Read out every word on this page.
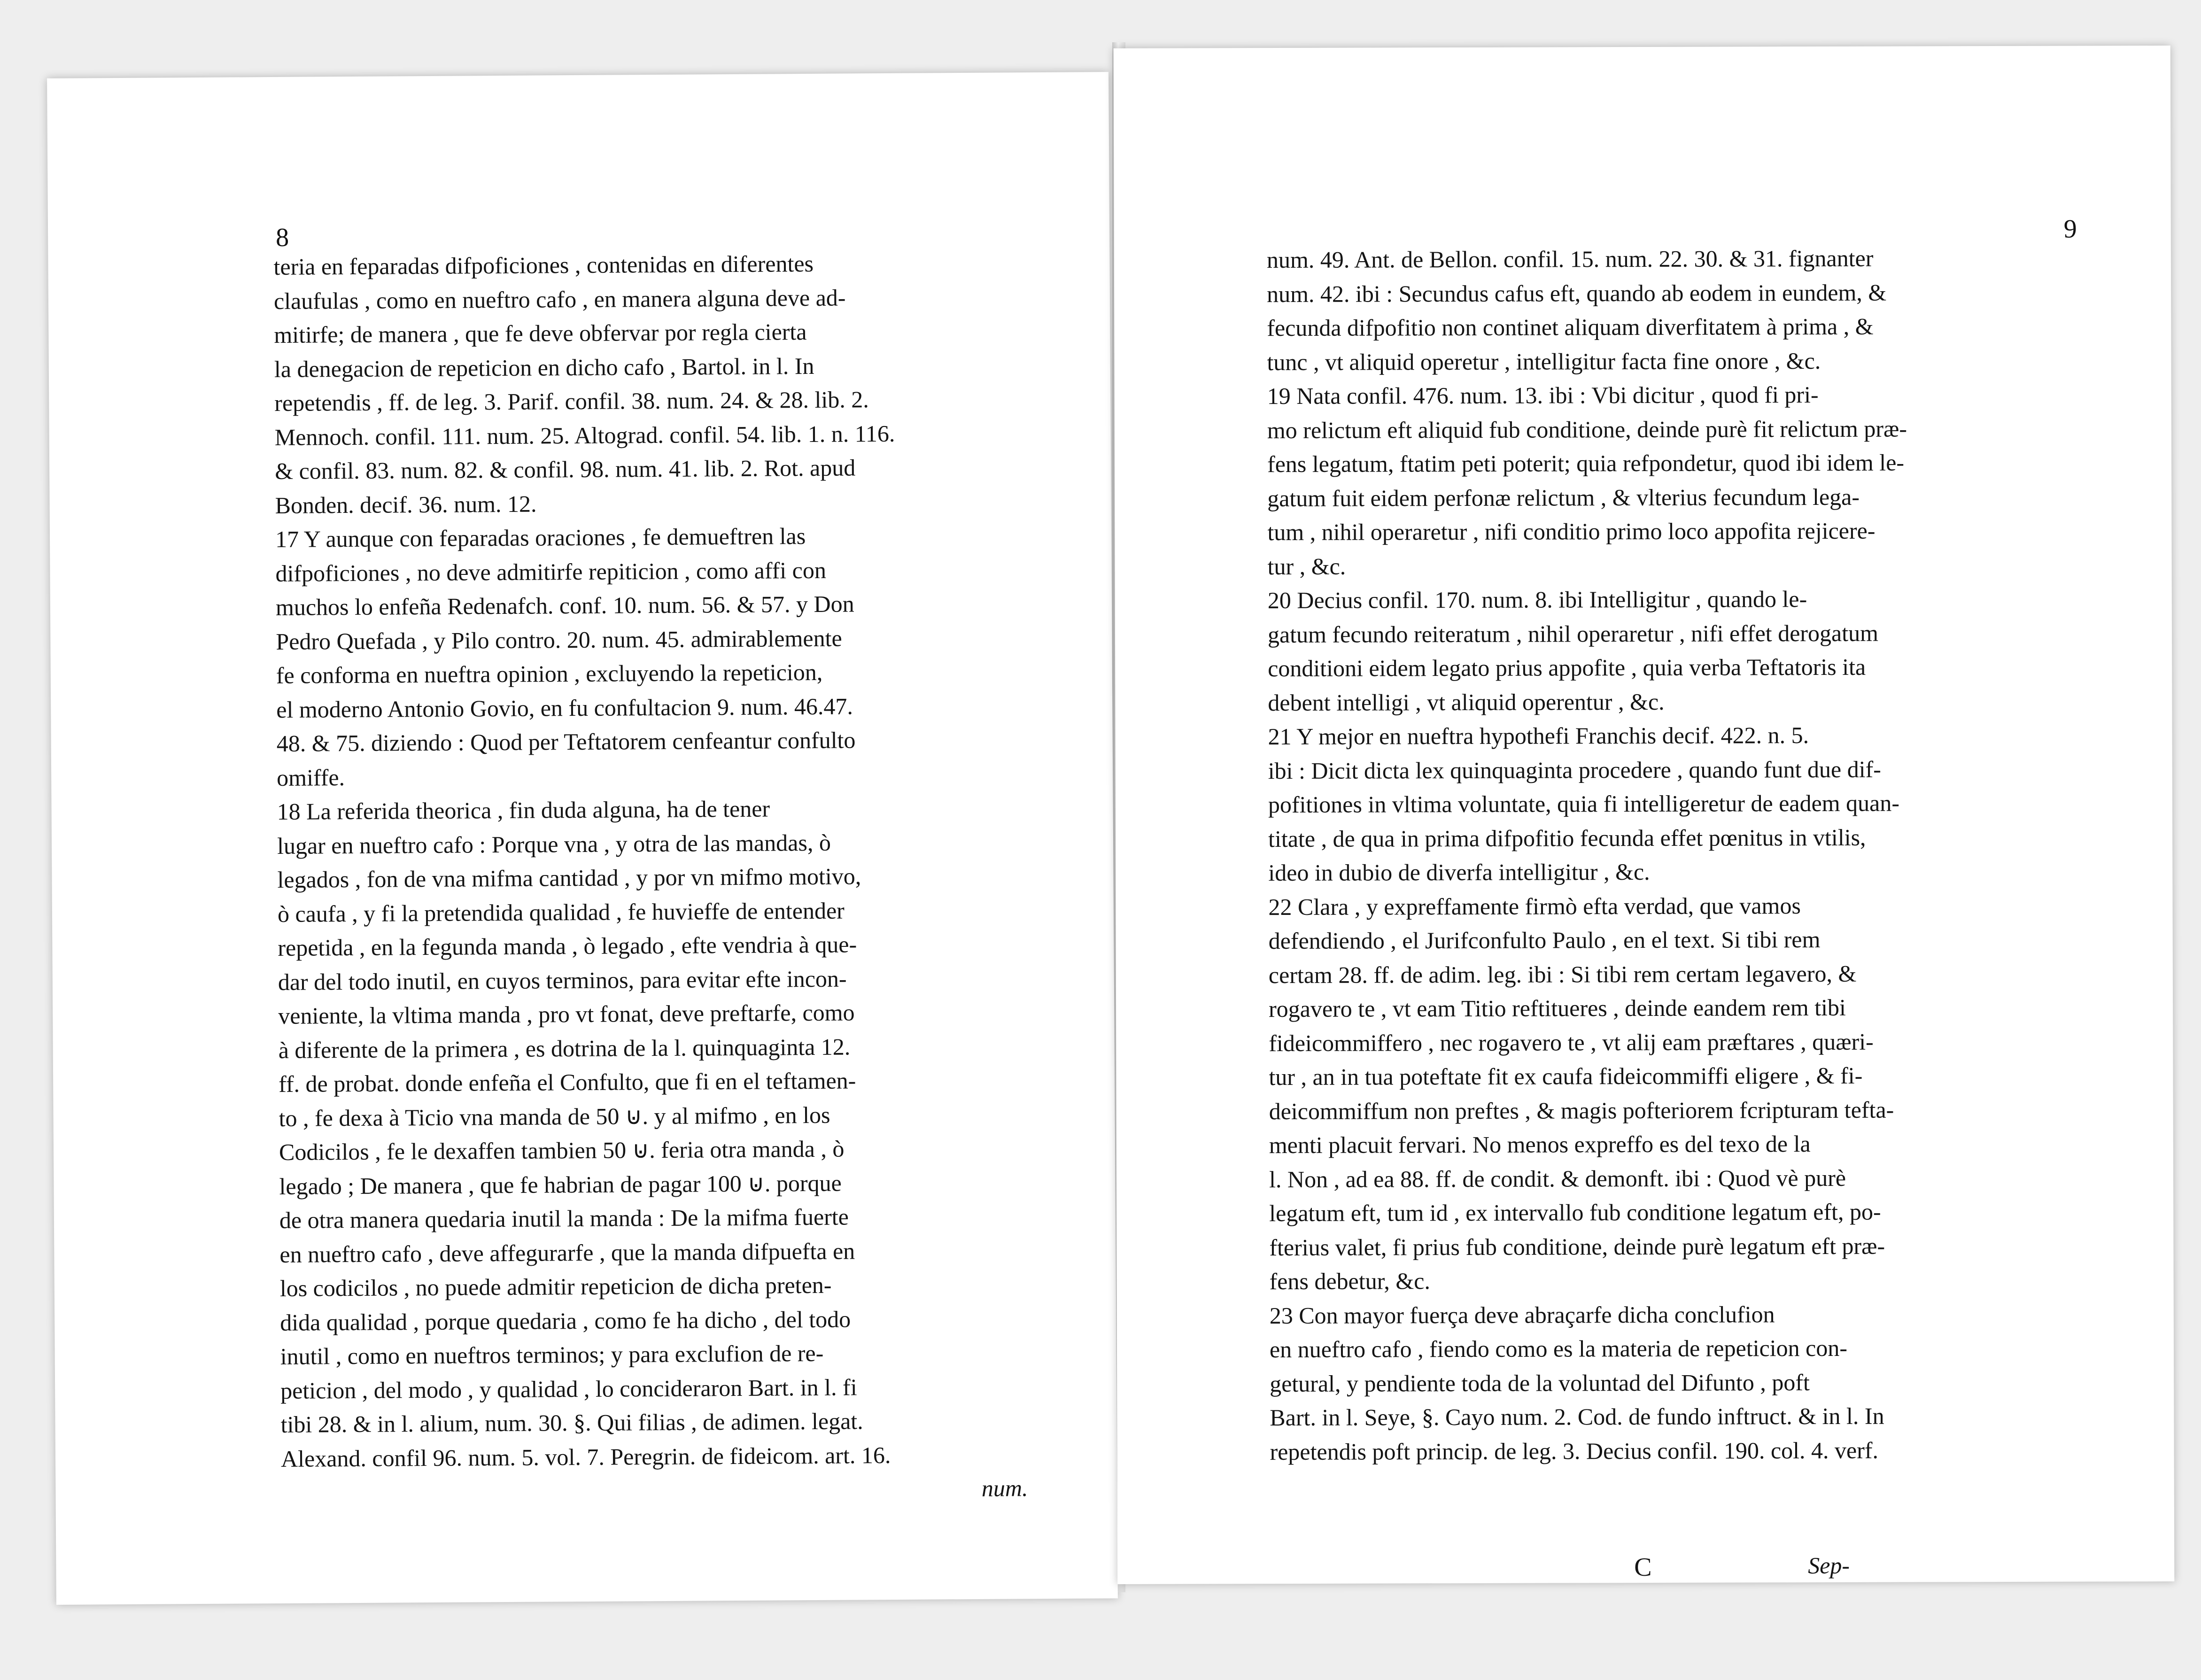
8
teria en feparadas difpoficiones , contenidas en diferentes
claufulas , como en nueftro cafo , en manera alguna deve ad-
mitirfe; de manera , que fe deve obfervar por regla cierta
la denegacion de repeticion en dicho cafo , Bartol. in l. In
repetendis , ff. de leg. 3. Parif. confil. 38. num. 24. & 28. lib. 2.
Mennoch. confil. 111. num. 25. Altograd. confil. 54. lib. 1. n. 116.
& confil. 83. num. 82. & confil. 98. num. 41. lib. 2. Rot. apud
Bonden. decif. 36. num. 12.
17 Y aunque con feparadas oraciones , fe demueftren las
difpoficiones , no deve admitirfe repiticion , como affi con
muchos lo enfeña Redenafch. conf. 10. num. 56. & 57. y Don
Pedro Quefada , y Pilo contro. 20. num. 45. admirablemente
fe conforma en nueftra opinion , excluyendo la repeticion,
el moderno Antonio Govio, en fu confultacion 9. num. 46.47.
48. & 75. diziendo : Quod per Teftatorem cenfeantur confulto
omiffe.
18 La referida theorica , fin duda alguna, ha de tener
lugar en nueftro cafo : Porque vna , y otra de las mandas, ò
legados , fon de vna mifma cantidad , y por vn mifmo motivo,
ò caufa , y fi la pretendida qualidad , fe huvieffe de entender
repetida , en la fegunda manda , ò legado , efte vendria à que-
dar del todo inutil, en cuyos terminos, para evitar efte incon-
veniente, la vltima manda , pro vt fonat, deve preftarfe, como
à diferente de la primera , es dotrina de la l. quinquaginta 12.
ff. de probat. donde enfeña el Confulto, que fi en el teftamen-
to , fe dexa à Ticio vna manda de 50 ⊍. y al mifmo , en los
Codicilos , fe le dexaffen tambien 50 ⊍. feria otra manda , ò
legado ; De manera , que fe habrian de pagar 100 ⊍. porque
de otra manera quedaria inutil la manda : De la mifma fuerte
en nueftro cafo , deve affegurarfe , que la manda difpuefta en
los codicilos , no puede admitir repeticion de dicha preten-
dida qualidad , porque quedaria , como fe ha dicho , del todo
inutil , como en nueftros terminos; y para exclufion de re-
peticion , del modo , y qualidad , lo concideraron Bart. in l. fi
tibi 28. & in l. alium, num. 30. §. Qui filias , de adimen. legat.
Alexand. confil 96. num. 5. vol. 7. Peregrin. de fideicom. art. 16.
num.
9
num. 49. Ant. de Bellon. confil. 15. num. 22. 30. & 31. fignanter
num. 42. ibi : Secundus cafus eft, quando ab eodem in eundem, &
fecunda difpofitio non continet aliquam diverfitatem à prima , &
tunc , vt aliquid operetur , intelligitur facta fine onore , &c.
19 Nata confil. 476. num. 13. ibi : Vbi dicitur , quod fi pri-
mo relictum eft aliquid fub conditione, deinde purè fit relictum præ-
fens legatum, ftatim peti poterit; quia refpondetur, quod ibi idem le-
gatum fuit eidem perfonæ relictum , & vlterius fecundum lega-
tum , nihil operaretur , nifi conditio primo loco appofita rejicere-
tur , &c.
20 Decius confil. 170. num. 8. ibi Intelligitur , quando le-
gatum fecundo reiteratum , nihil operaretur , nifi effet derogatum
conditioni eidem legato prius appofite , quia verba Teftatoris ita
debent intelligi , vt aliquid operentur , &c.
21 Y mejor en nueftra hypothefi Franchis decif. 422. n. 5.
ibi : Dicit dicta lex quinquaginta procedere , quando funt due dif-
pofitiones in vltima voluntate, quia fi intelligeretur de eadem quan-
titate , de qua in prima difpofitio fecunda effet pœnitus in vtilis,
ideo in dubio de diverfa intelligitur , &c.
22 Clara , y expreffamente firmò efta verdad, que vamos
defendiendo , el Jurifconfulto Paulo , en el text. Si tibi rem
certam 28. ff. de adim. leg. ibi : Si tibi rem certam legavero, &
rogavero te , vt eam Titio reftitueres , deinde eandem rem tibi
fideicommiffero , nec rogavero te , vt alij eam præftares , quæri-
tur , an in tua poteftate fit ex caufa fideicommiffi eligere , & fi-
deicommiffum non preftes , & magis pofteriorem fcripturam tefta-
menti placuit fervari. No menos expreffo es del texo de la
l. Non , ad ea 88. ff. de condit. & demonft. ibi : Quod vè purè
legatum eft, tum id , ex intervallo fub conditione legatum eft, po-
fterius valet, fi prius fub conditione, deinde purè legatum eft præ-
fens debetur, &c.
23 Con mayor fuerça deve abraçarfe dicha conclufion
en nueftro cafo , fiendo como es la materia de repeticion con-
getural, y pendiente toda de la voluntad del Difunto , poft
Bart. in l. Seye, §. Cayo num. 2. Cod. de fundo inftruct. & in l. In
repetendis poft princip. de leg. 3. Decius confil. 190. col. 4. verf.
C	Sep-
